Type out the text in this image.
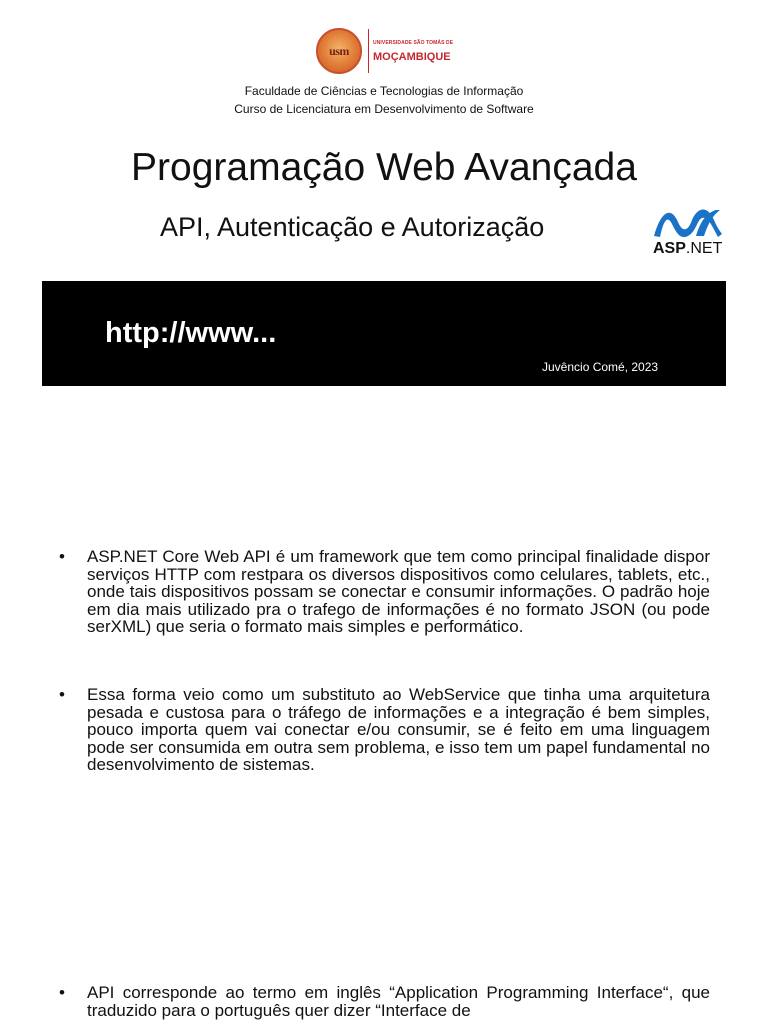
usm
UNIVERSIDADE SÃO TOMÁS DE
MOÇAMBIQUE
Faculdade de Ciências e Tecnologias de Informação
Curso de Licenciatura em Desenvolvimento de Software
Programação Web Avançada
API, Autenticação e Autorização
ASP.NET
http://www...
Juvêncio Comé, 2023
•	ASP.NET Core Web API é um framework que tem como principal finalidade dispor serviços HTTP com restpara os diversos dispositivos como celulares, tablets, etc., onde tais dispositivos possam se conectar e consumir informações. O padrão hoje em dia mais utilizado pra o trafego de informações é no formato JSON (ou pode serXML) que seria o formato mais simples e performático.
•	Essa forma veio como um substituto ao WebService que tinha uma arquitetura pesada e custosa para o tráfego de informações e a integração é bem simples, pouco importa quem vai conectar e/ou consumir, se é feito em uma linguagem pode ser consumida em outra sem problema, e isso tem um papel fundamental no desenvolvimento de sistemas.
•	API corresponde ao termo em inglês “Application Programming Interface“, que traduzido para o português quer dizer “Interface de
